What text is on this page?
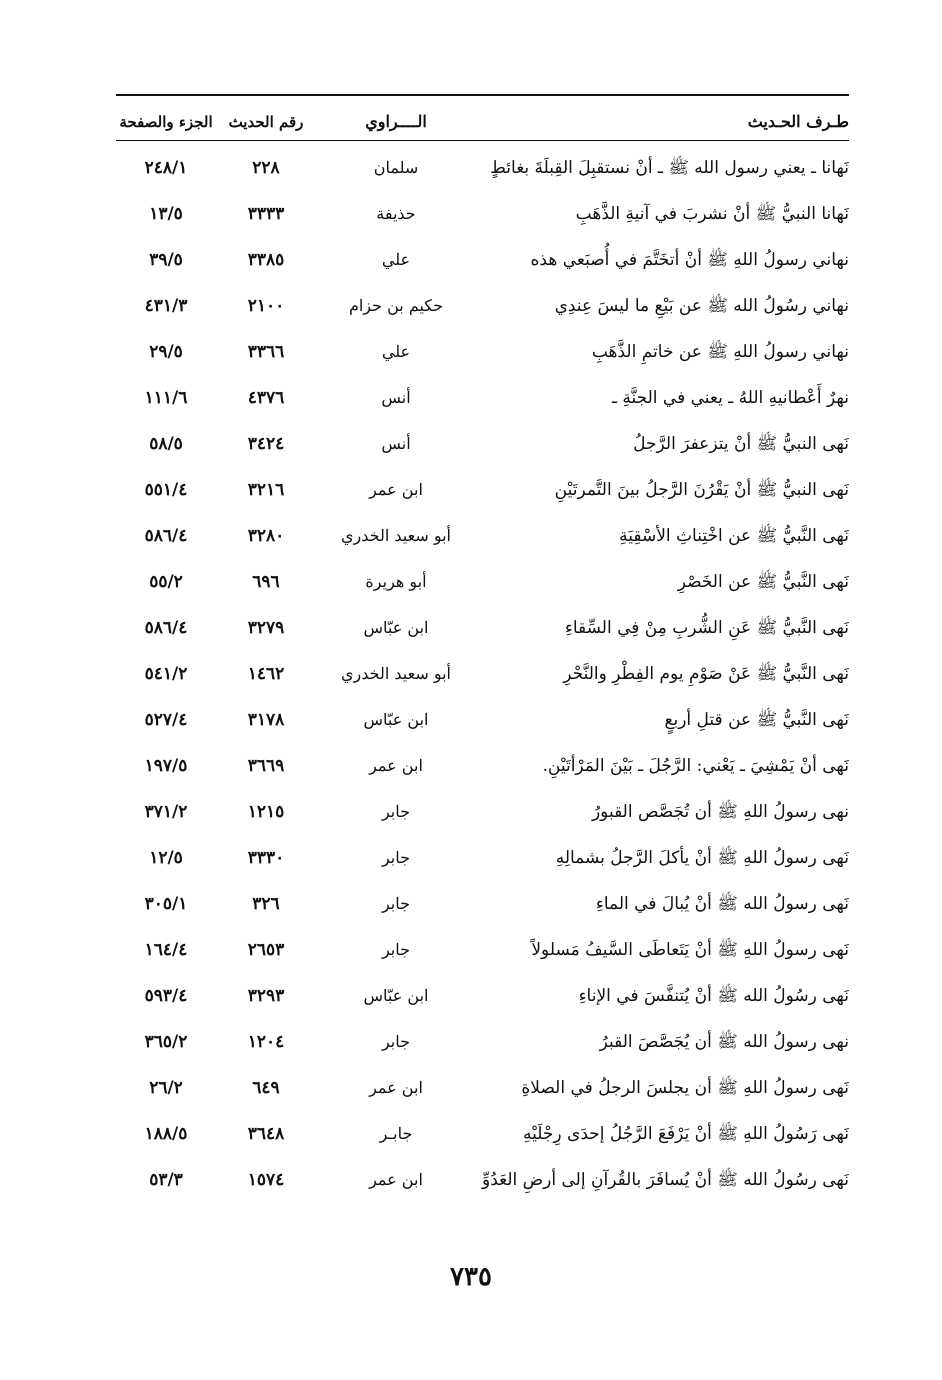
طـرف الحـديث
الــــراوي
رقم الحديث
الجزء والصفحة
نَهانا ـ يعني رسول الله ﷺ ـ أنْ نستقبِلَ القِبلَةَ بغائطٍ
سلمان
٢٢٨
٢٤٨/١
نَهانا النبيُّ ﷺ أنْ نشربَ في آنيةِ الذَّهَبِ
حذيفة
٣٣٣٣
١٣/٥
نهاني رسولُ اللهِ ﷺ أنْ أتخَتَّمَ في أُصبَعي هذه
علي
٣٣٨٥
٣٩/٥
نهاني رسُولُ الله ﷺ عن بَيْعِ ما ليسَ عِندِي
حكيم بن حزام
٢١٠٠
٤٣١/٣
نهاني رسولُ اللهِ ﷺ عن خاتمِ الذَّهَبِ
علي
٣٣٦٦
٢٩/٥
نهرٌ أَعْطانيهِ اللهُ ـ يعني في الجنَّةِ ـ
أنس
٤٣٧٦
١١١/٦
نَهى النبيُّ ﷺ أنْ يتزعفرَ الرَّجلُ
أنس
٣٤٢٤
٥٨/٥
نَهى النبيُّ ﷺ أنْ يَقْرُنَ الرَّجلُ بينَ التَّمرتَيْنِ
ابن عمر
٣٢١٦
٥٥١/٤
نَهى النَّبيُّ ﷺ عن اخْتِناثِ الأسْقِيَةِ
أبو سعيد الخدري
٣٢٨٠
٥٨٦/٤
نَهى النَّبيُّ ﷺ عن الخَصْرِ
أبو هريرة
٦٩٦
٥٥/٢
نَهى النَّبيُّ ﷺ عَنِ الشُّربِ مِنْ فِي السِّقاءِ
ابن عبّاس
٣٢٧٩
٥٨٦/٤
نَهى النَّبيُّ ﷺ عَنْ صَوْمِ يوم الفِطْرِ والنَّحْرِ
أبو سعيد الخدري
١٤٦٢
٥٤١/٢
نَهى النَّبيُّ ﷺ عن قتلِ أربعٍ
ابن عبّاس
٣١٧٨
٥٢٧/٤
نَهى أنْ يَمْشِيَ ـ يَعْني: الرَّجُلَ ـ بَيْنَ المَرْأتَيْنِ.
ابن عمر
٣٦٦٩
١٩٧/٥
نهى رسولُ اللهِ ﷺ أن تُجَصَّص القبورُ
جابر
١٢١٥
٣٧١/٢
نَهى رسولُ اللهِ ﷺ أنْ يأكلَ الرَّجلُ بشمالِهِ
جابر
٣٣٣٠
١٢/٥
نَهى رسولُ الله ﷺ أنْ يُبالَ في الماءِ
جابر
٣٢٦
٣٠٥/١
نَهى رسولُ اللهِ ﷺ أنْ يَتَعاطَى السَّيفُ مَسلولاً
جابر
٢٦٥٣
١٦٤/٤
نَهى رسُولُ الله ﷺ أنْ يُتنفَّسَ في الإناءِ
ابن عبّاس
٣٢٩٣
٥٩٣/٤
نهى رسولُ الله ﷺ أن يُجَصَّصَ القبرُ
جابر
١٢٠٤
٣٦٥/٢
نَهى رسولُ اللهِ ﷺ أن يجلسَ الرجلُ في الصلاةِ
ابن عمر
٦٤٩
٢٦/٢
نَهى رَسُولُ اللهِ ﷺ أنْ يَرْفَعَ الرَّجُلُ إحدَى رِجْلَيْهِ
جابـر
٣٦٤٨
١٨٨/٥
نَهى رسُولُ الله ﷺ أنْ يُسافَرَ بالقُرآنِ إلى أرضِ العَدُوِّ
ابن عمر
١٥٧٤
٥٣/٣
٧٣٥
